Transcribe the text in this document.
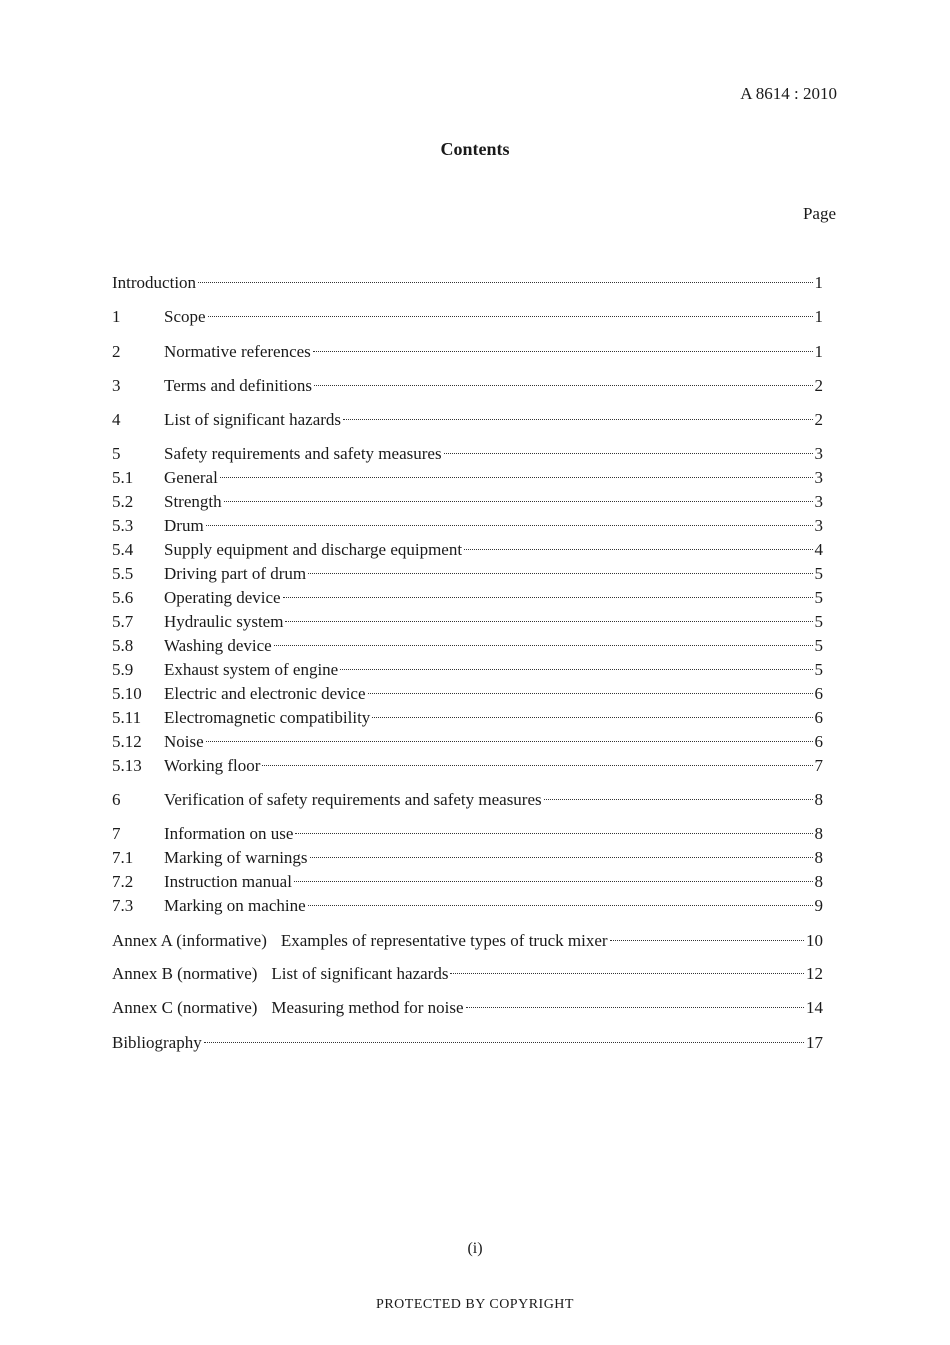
A 8614 : 2010
Contents
Page
Introduction	1
1	Scope	1
2	Normative references	1
3	Terms and definitions	2
4	List of significant hazards	2
5	Safety requirements and safety measures	3
5.1	General	3
5.2	Strength	3
5.3	Drum	3
5.4	Supply equipment and discharge equipment	4
5.5	Driving part of drum	5
5.6	Operating device	5
5.7	Hydraulic system	5
5.8	Washing device	5
5.9	Exhaust system of engine	5
5.10	Electric and electronic device	6
5.11	Electromagnetic compatibility	6
5.12	Noise	6
5.13	Working floor	7
6	Verification of safety requirements and safety measures	8
7	Information on use	8
7.1	Marking of warnings	8
7.2	Instruction manual	8
7.3	Marking on machine	9
Annex A (informative) Examples of representative types of truck mixer	10
Annex B (normative) List of significant hazards	12
Annex C (normative) Measuring method for noise	14
Bibliography	17
(i)
PROTECTED BY COPYRIGHT
